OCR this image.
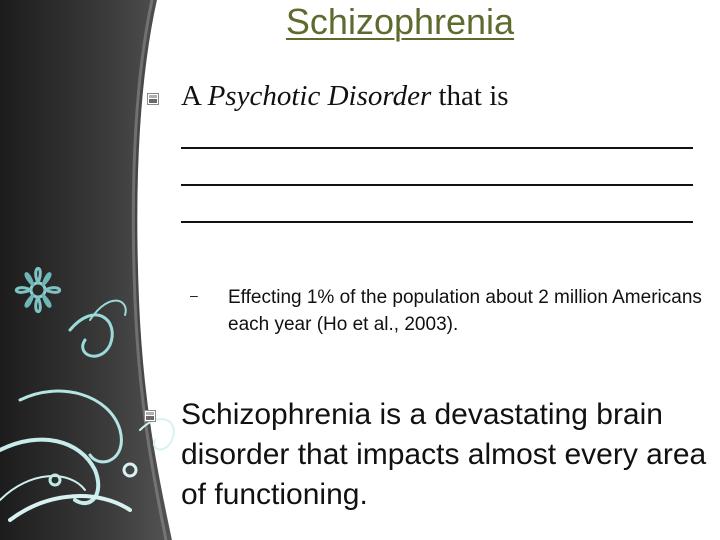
Schizophrenia
A Psychotic Disorder that is
– Effecting 1% of the population about 2 million Americans each year (Ho et al., 2003).
Schizophrenia is a devastating brain disorder that impacts almost every area of functioning.
